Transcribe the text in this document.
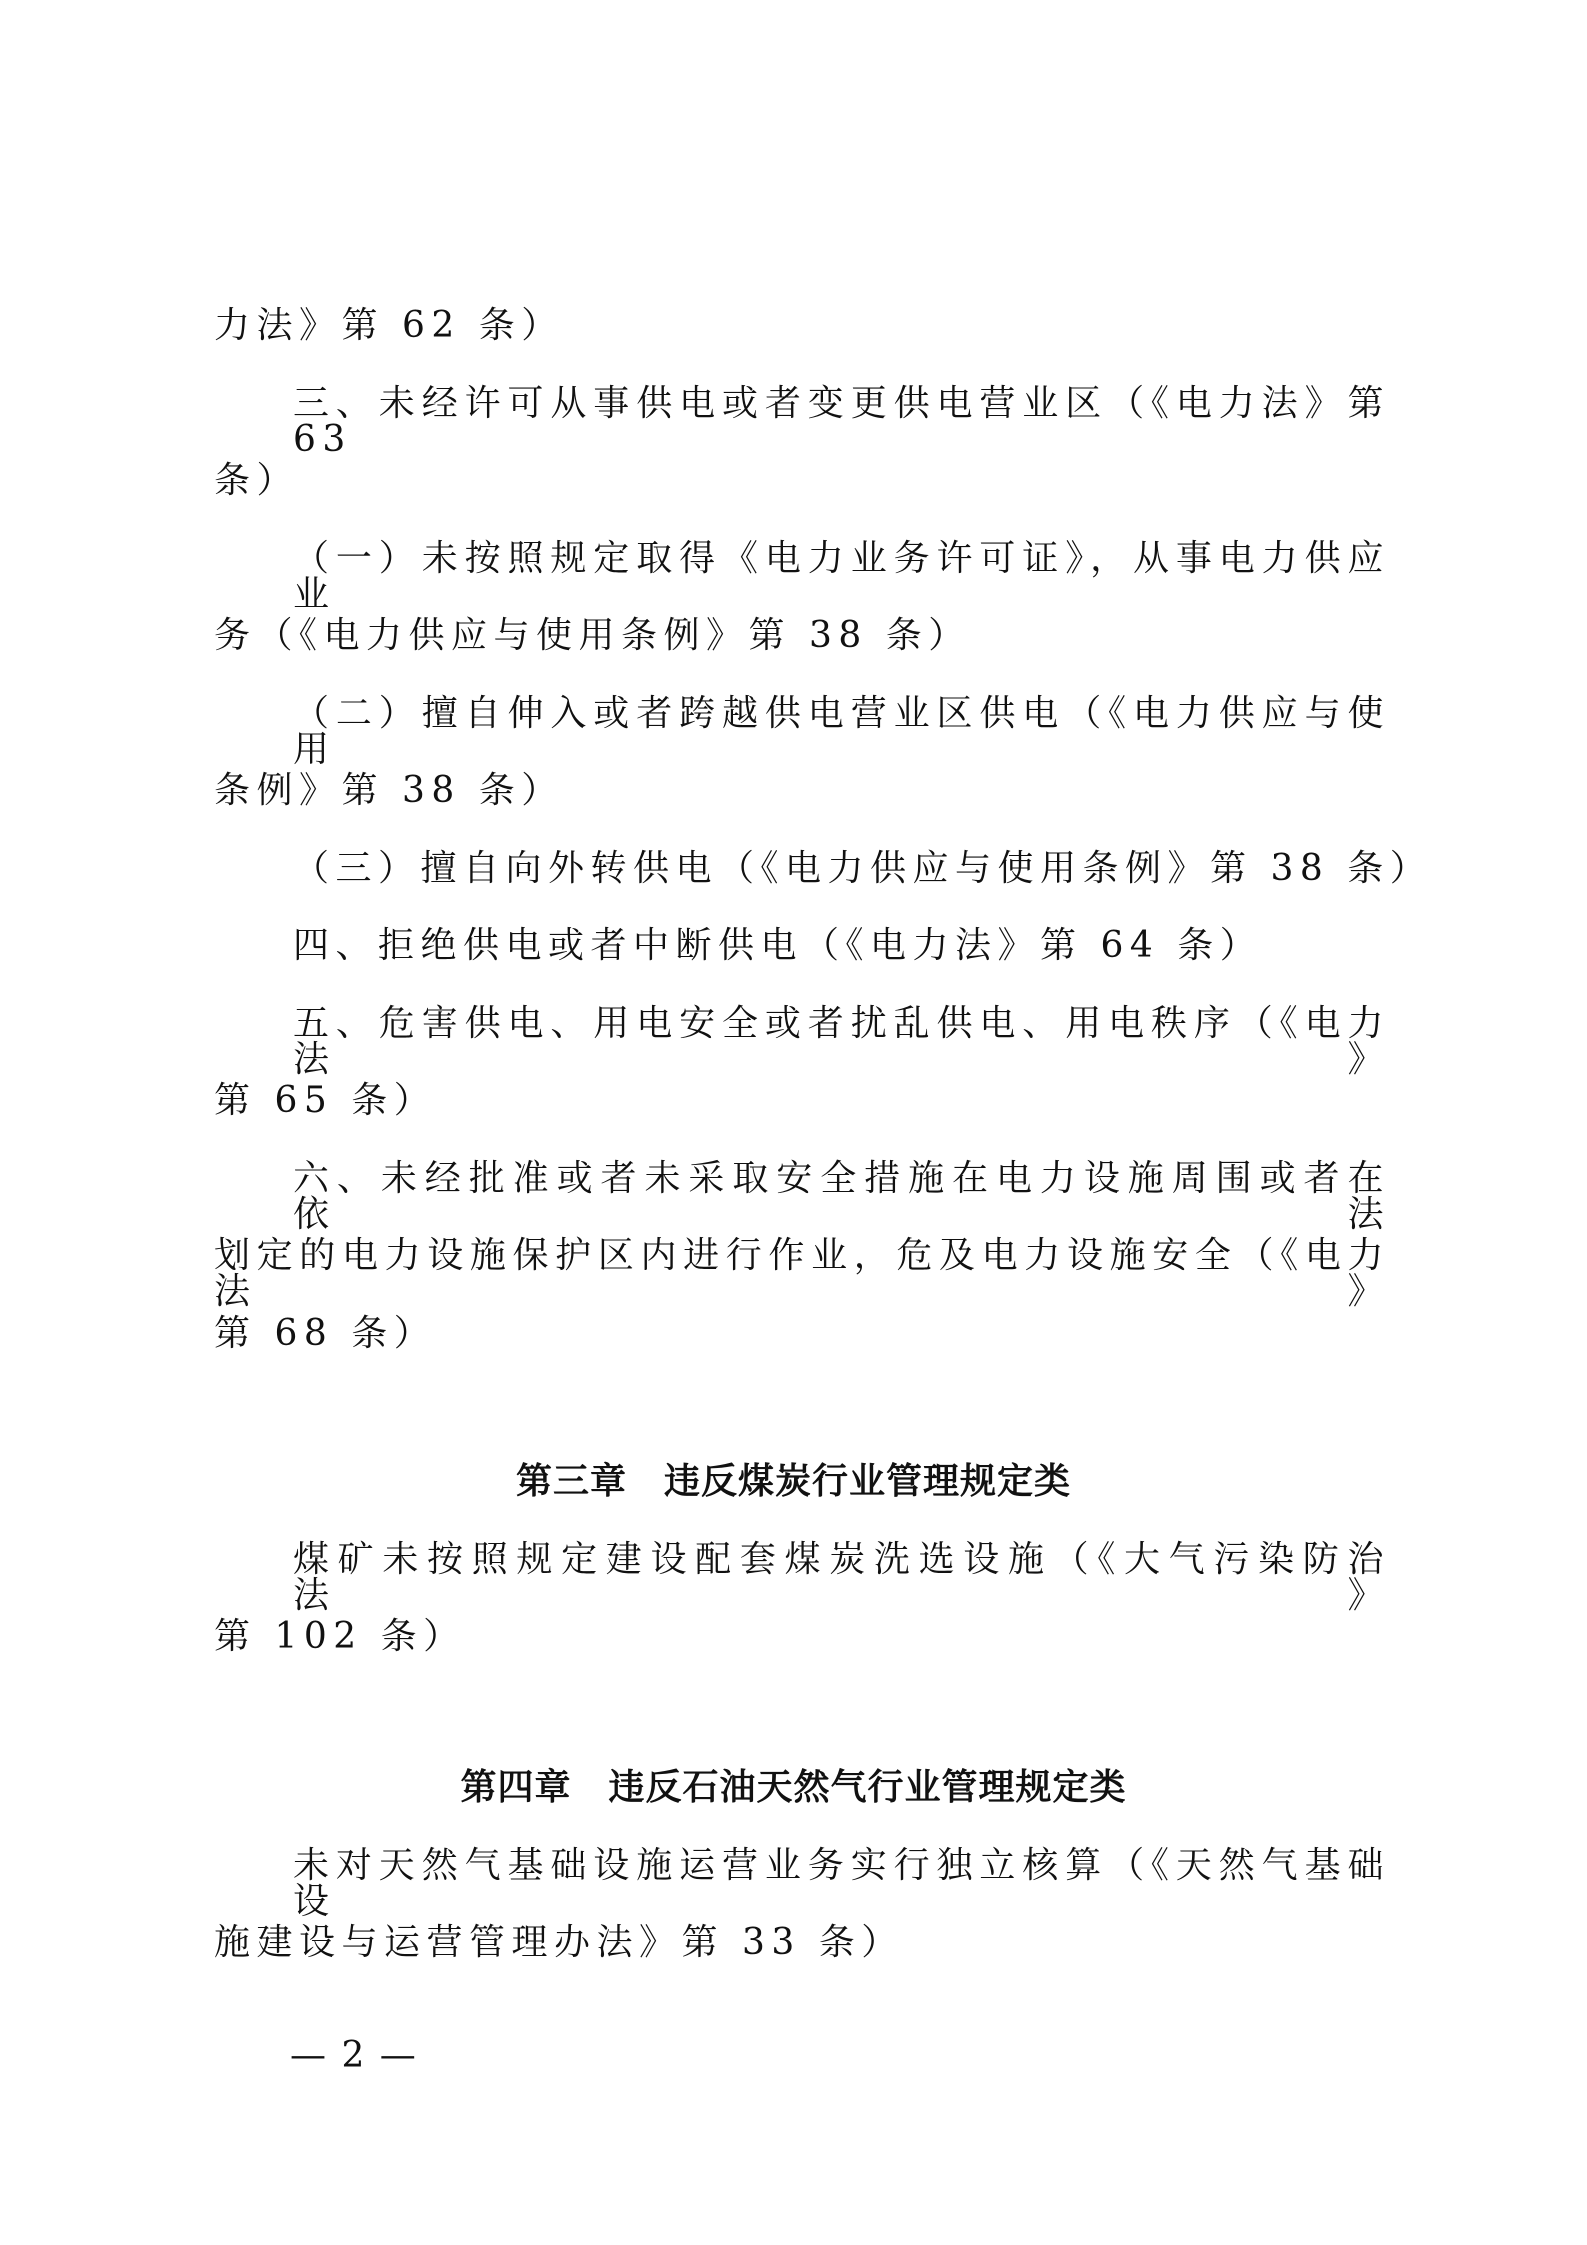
力法》第 62 条）
三、未经许可从事供电或者变更供电营业区（《电力法》第 63
条）
（一）未按照规定取得《电力业务许可证》，从事电力供应业
务（《电力供应与使用条例》第 38 条）
（二）擅自伸入或者跨越供电营业区供电（《电力供应与使用
条例》第 38 条）
（三）擅自向外转供电（《电力供应与使用条例》第 38 条）
四、拒绝供电或者中断供电（《电力法》第 64 条）
五、危害供电、用电安全或者扰乱供电、用电秩序（《电力法》
第 65 条）
六、未经批准或者未采取安全措施在电力设施周围或者在依法
划定的电力设施保护区内进行作业，危及电力设施安全（《电力法》
第 68 条）
第三章　违反煤炭行业管理规定类
煤矿未按照规定建设配套煤炭洗选设施（《大气污染防治法》
第 102 条）
第四章　违反石油天然气行业管理规定类
未对天然气基础设施运营业务实行独立核算（《天然气基础设
施建设与运营管理办法》第 33 条）
— 2 —
